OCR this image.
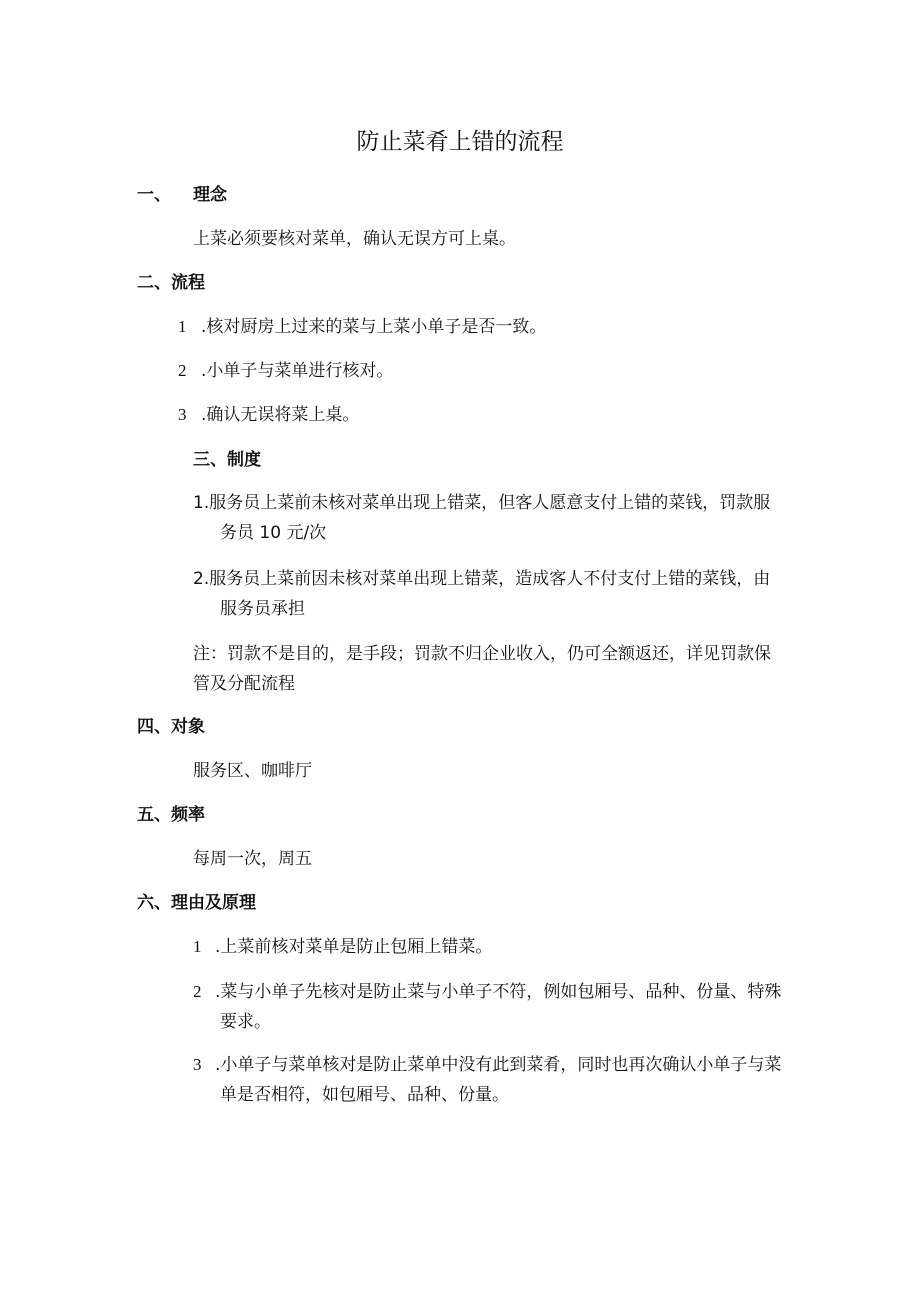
防止菜肴上错的流程
一、 理念
上菜必须要核对菜单，确认无误方可上桌。
二、流程
1 .核对厨房上过来的菜与上菜小单子是否一致。
2 .小单子与菜单进行核对。
3 .确认无误将菜上桌。
三、制度
1.服务员上菜前未核对菜单出现上错菜，但客人愿意支付上错的菜钱，罚款服
务员 10 元/次
2.服务员上菜前因未核对菜单出现上错菜，造成客人不付支付上错的菜钱，由
服务员承担
注：罚款不是目的，是手段；罚款不归企业收入，仍可全额返还，详见罚款保
管及分配流程
四、对象
服务区、咖啡厅
五、频率
每周一次，周五
六、理由及原理
1 .上菜前核对菜单是防止包厢上错菜。
2 .菜与小单子先核对是防止菜与小单子不符，例如包厢号、品种、份量、特殊
要求。
3 .小单子与菜单核对是防止菜单中没有此到菜肴，同时也再次确认小单子与菜
单是否相符，如包厢号、品种、份量。
